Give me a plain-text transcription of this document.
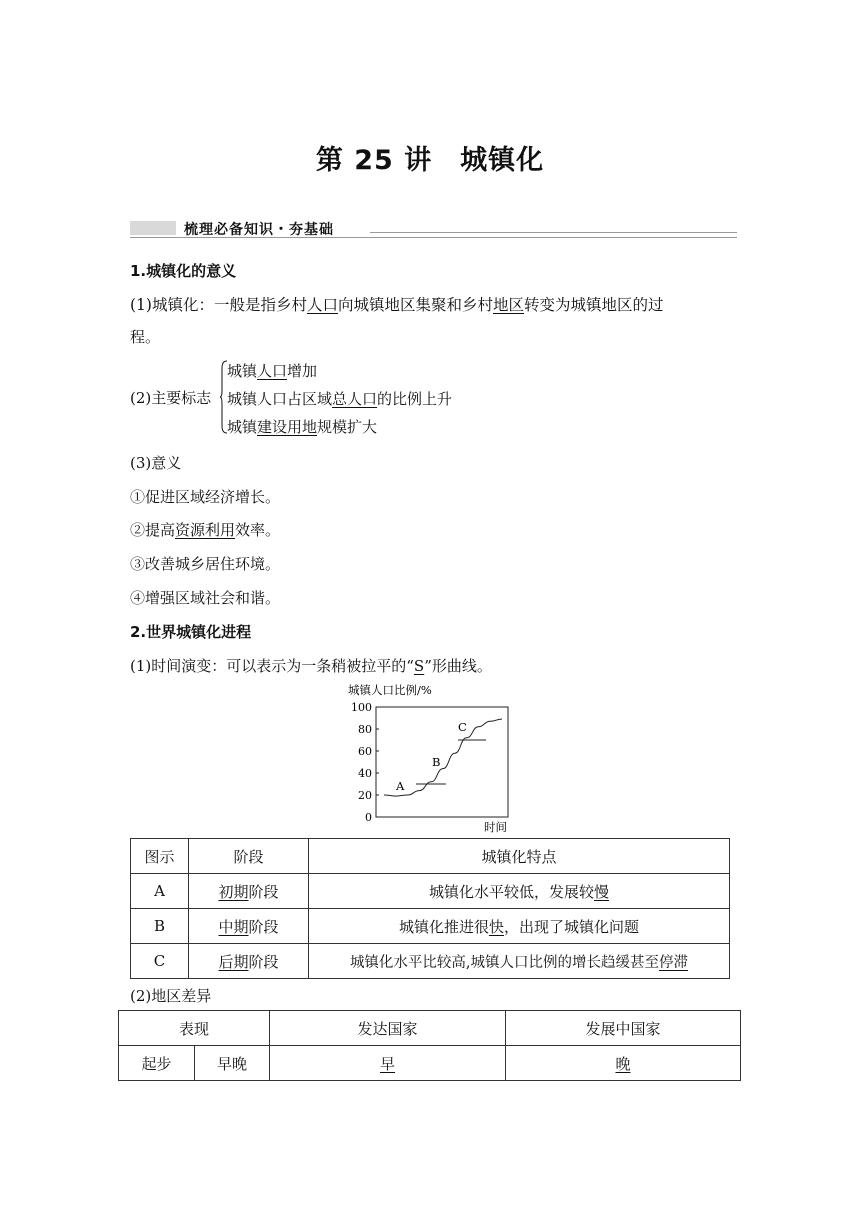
第 25 讲　城镇化
梳理必备知识・夯基础
1.城镇化的意义
(1)城镇化：一般是指乡村人口向城镇地区集聚和乡村地区转变为城镇地区的过
程。
(2)主要标志
城镇人口增加
城镇人口占区域总人口的比例上升
城镇建设用地规模扩大
(3)意义
①促进区域经济增长。
②提高资源利用效率。
③改善城乡居住环境。
④增强区域社会和谐。
2.世界城镇化进程
(1)时间演变：可以表示为一条稍被拉平的“S”形曲线。
城镇人口比例/%
时间
100
80
60
40
20
0
A
B
C
图示	阶段	城镇化特点
A	初期阶段	城镇化水平较低，发展较慢
B	中期阶段	城镇化推进很快，出现了城镇化问题
C	后期阶段	城镇化水平比较高,城镇人口比例的增长趋缓甚至停滞
(2)地区差异
表现		发达国家	发展中国家
起步	早晚	早	晚
